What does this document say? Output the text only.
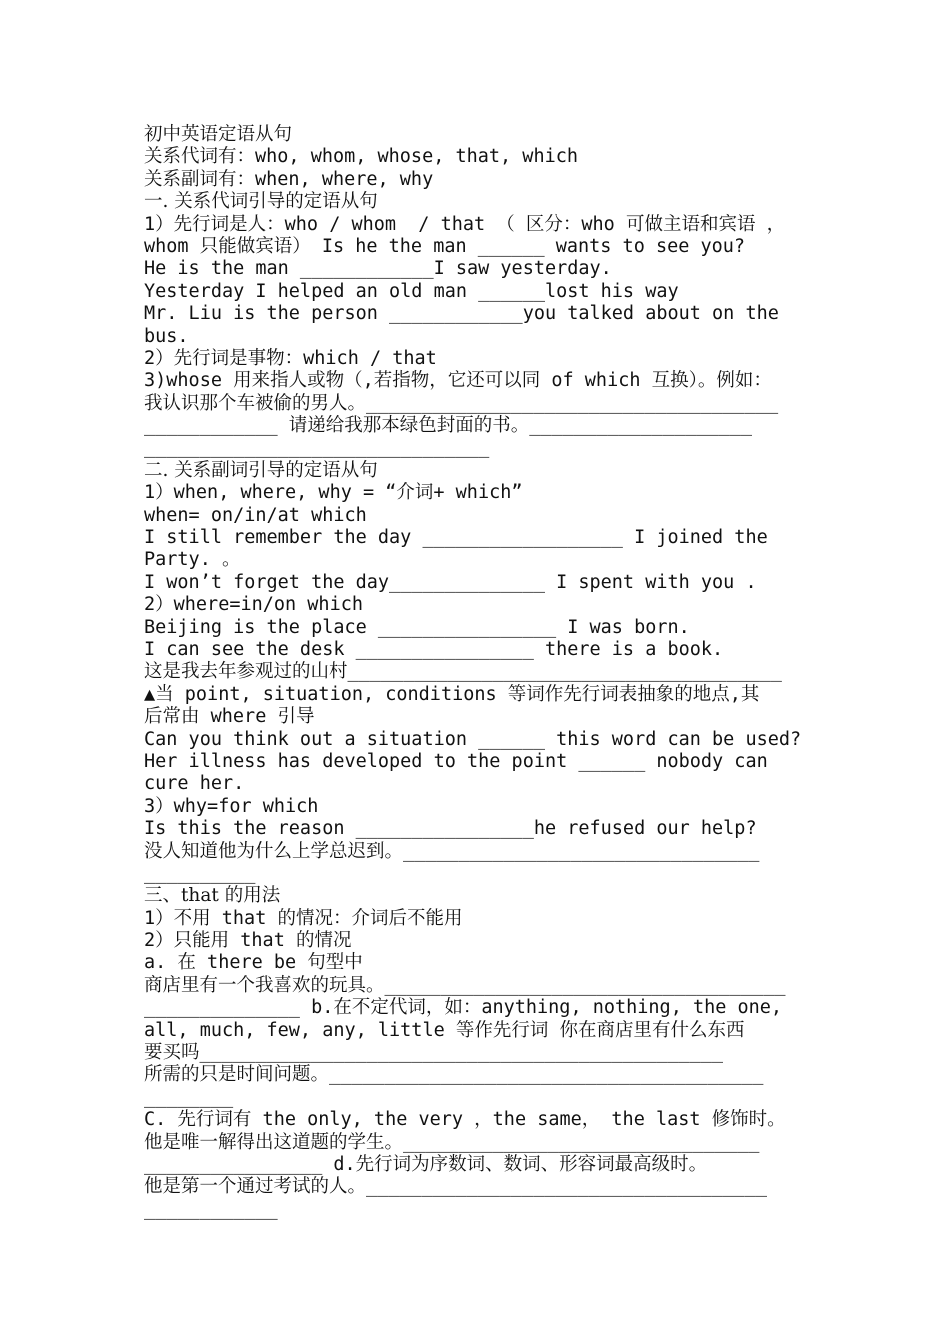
初中英语定语从句
关系代词有：who, whom, whose, that, which
关系副词有：when, where, why
一. 关系代词引导的定语从句
1）先行词是人：who / whom  / that （ 区分：who 可做主语和宾语 ，
whom 只能做宾语） Is he the man ______ wants to see you?
He is the man ____________I saw yesterday.
Yesterday I helped an old man ______lost his way
Mr. Liu is the person ____________you talked about on the
bus.
2）先行词是事物：which / that
3)whose 用来指人或物（,若指物，它还可以同 of which 互换）。例如：
我认识那个车被偷的男人。_____________________________________
____________ 请递给我那本绿色封面的书。____________________
_______________________________
二. 关系副词引导的定语从句
1）when, where, why = “介词+ which”
when= on/in/at which
I still remember the day __________________ I joined the
Party. 。
I won’t forget the day______________ I spent with you .
2）where=in/on which
Beijing is the place ________________ I was born.
I can see the desk ________________ there is a book.
这是我去年参观过的山村_______________________________________
▲当 point, situation, conditions 等词作先行词表抽象的地点,其
后常由 where 引导
Can you think out a situation ______ this word can be used?
Her illness has developed to the point ______ nobody can
cure her.
3）why=for which
Is this the reason ________________he refused our help?
没人知道他为什么上学总迟到。________________________________
__________
三、that 的用法
1）不用 that 的情况：介词后不能用
2）只能用 that 的情况
a. 在 there be 句型中
商店里有一个我喜欢的玩具。____________________________________
______________ b.在不定代词，如：anything, nothing, the one,
all, much, few, any, little 等作先行词 你在商店里有什么东西
要买吗_______________________________________________
所需的只是时间问题。_______________________________________
________
C. 先行词有 the only, the very ，the same， the last 修饰时。
他是唯一解得出这道题的学生。________________________________
________________ d.先行词为序数词、数词、形容词最高级时。
他是第一个通过考试的人。____________________________________
____________
